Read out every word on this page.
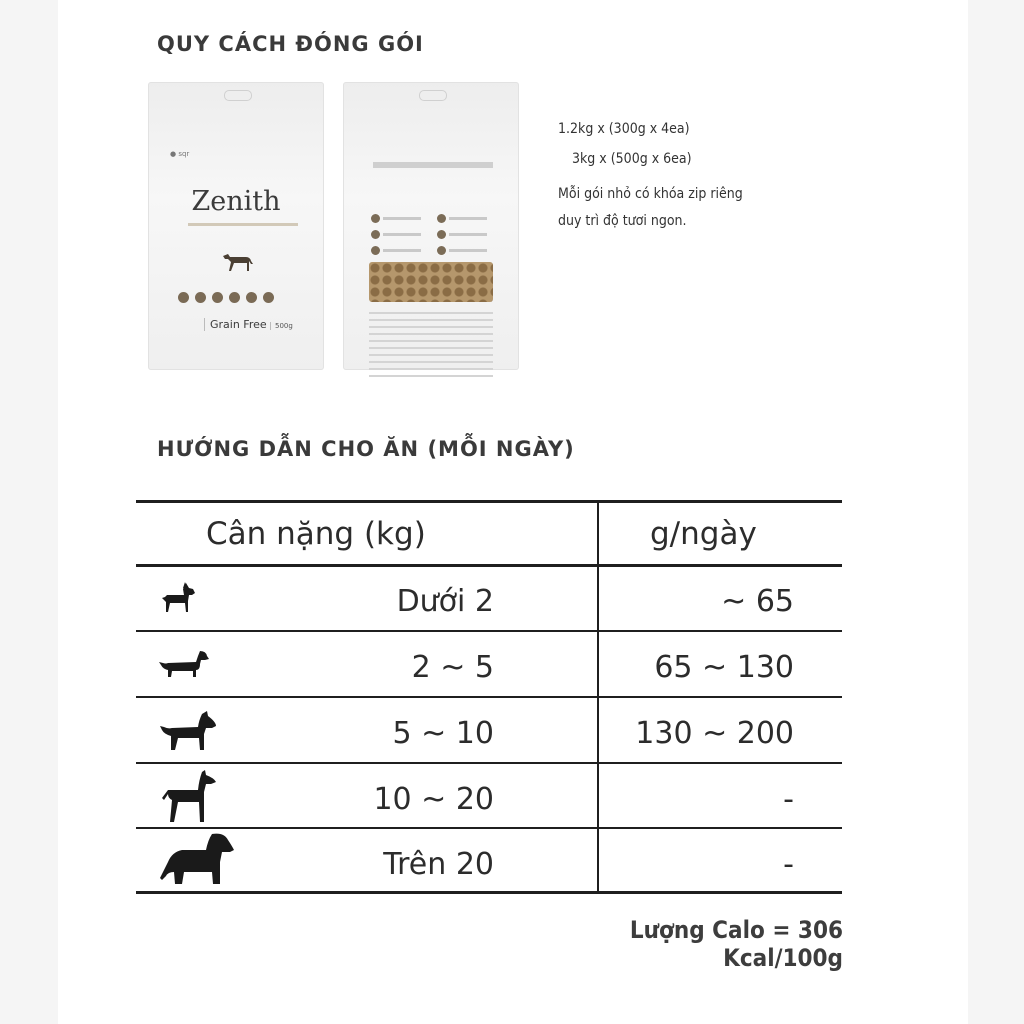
QUY CÁCH ĐÓNG GÓI
● sqr
Zenith
Grain Free	500g

1.2kg x (300g x 4ea)

3kg x (500g x 6ea)

Mỗi gói nhỏ có khóa zip riêng

duy trì độ tươi ngon.

HƯỚNG DẪN CHO ĂN (MỖI NGÀY)
Cân nặng (kg)	g/ngày
Dưới 2	~ 65
2 ~ 5	65 ~ 130
5 ~ 10	130 ~ 200
10 ~ 20	-
Trên 20	-
Lượng Calo = 306 Kcal/100g
